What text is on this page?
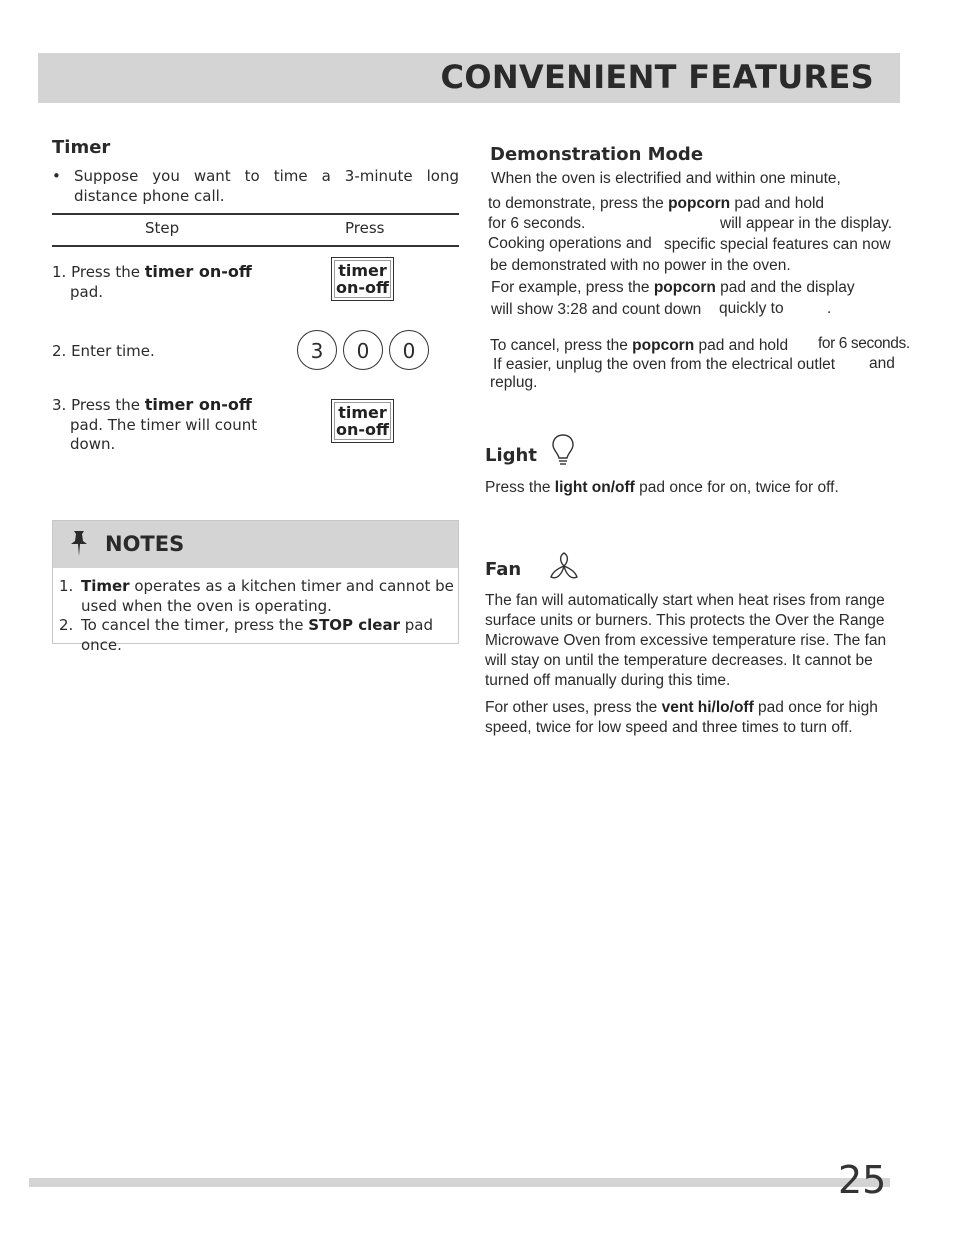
CONVENIENT FEATURES
Timer
• Suppose you want to time a 3-minute long distance phone call.
Step	Press
1. Press the timer on-off
pad.
timer
on-off
2. Enter time.	3	0	0
3. Press the timer on-off
pad. The timer will count down.
timer
on-off
NOTES
1. Timer operates as a kitchen timer and cannot be used when the oven is operating.
2. To cancel the timer, press the STOP clear pad once.
Demonstration Mode
When the oven is electrified and within one minute,
to demonstrate, press the popcorn pad and hold
for 6 seconds.	will appear in the display.
Cooking operations and specific special features can now
be demonstrated with no power in the oven.
For example, press the popcorn pad and the display
will show 3:28 and count down quickly to	.
To cancel, press the popcorn pad and hold for 6 seconds.
If easier, unplug the oven from the electrical outlet and
replug.
Light
Press the light on/off pad once for on, twice for off.
Fan
The fan will automatically start when heat rises from range surface units or burners. This protects the Over the Range Microwave Oven from excessive temperature rise. The fan will stay on until the temperature decreases. It cannot be turned off manually during this time.
For other uses, press the vent hi/lo/off pad once for high speed, twice for low speed and three times to turn off.
25
